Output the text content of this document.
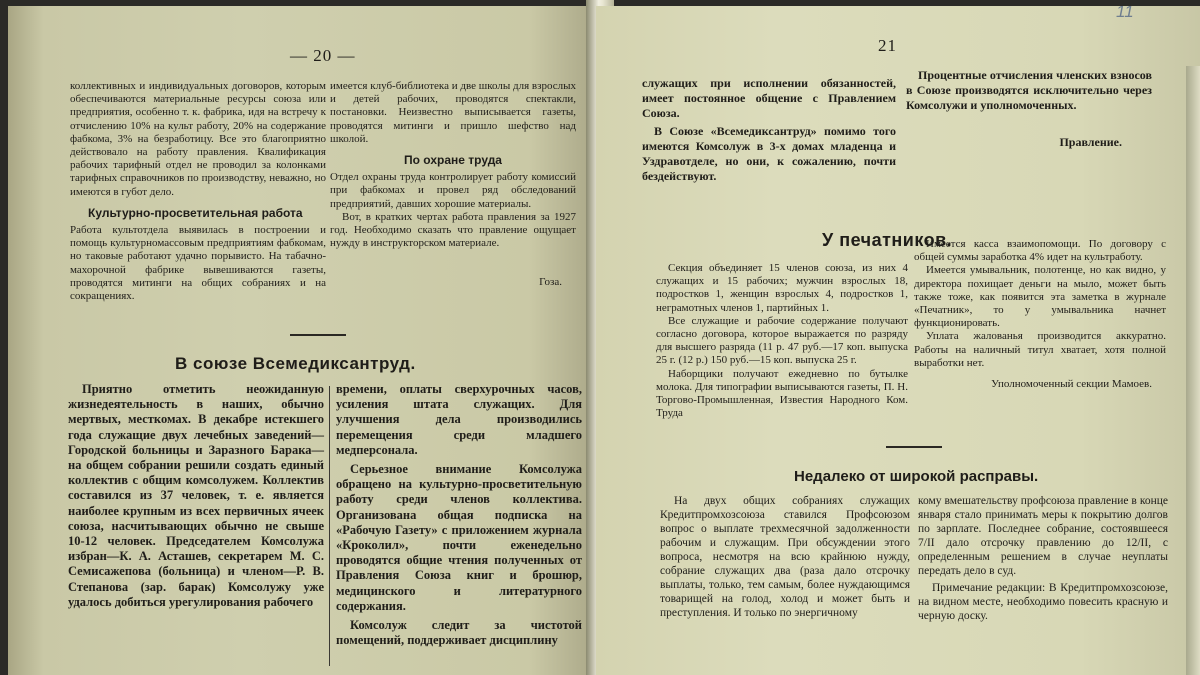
— 20 —

коллективных и индивидуальных договоров, которым обеспечиваются материальные ресурсы союза или предприятия, особенно т. к. фабрика, идя на встречу к отчислению 10% на культ работу, 20% на содержание фабкома, 3% на безработицу. Все это благоприятно действовало на работу правления. Квалификация рабочих тарифный отдел не проводил за колонками тарифных справочников по производству, неважно, но имеются в губот дело.

Культурно-просветительная работа

Работа культотдела выявилась в построении и помощь культурномассовым предприятиям фабкомам, но таковые работают удачно порывисто. На табачно-махорочной фабрике вывешиваются газеты, проводятся митинги на общих собраниях и на сокращениях.

имеется клуб-библиотека и две школы для взрослых и детей рабочих, проводятся спектакли, постановки. Неизвестно выписывается газеты, проводятся митинги и пришло шефство над школой.

По охране труда

Отдел охраны труда контролирует работу комиссий при фабкомах и провел ряд обследований предприятий, давших хорошие материалы.

Вот, в кратких чертах работа правления за 1927 год. Необходимо сказать что правление ощущает нужду в инструкторском материале.

Гоза.
В союзе Всемедиксантруд.

Приятно отметить неожиданную жизнедеятельность в наших, обычно мертвых, месткомах. В декабре истекшего года служащие двух лечебных заведений—Городской больницы и Заразного Барака—на общем собрании решили создать единый коллектив с общим комсолужем. Коллектив составился из 37 человек, т. е. является наиболее крупным из всех первичных ячеек союза, насчитывающих обычно не свыше 10-12 человек. Председателем Комсолужа избран—К. А. Асташев, секретарем М. С. Семисажепова (больница) и членом—Р. В. Степанова (зар. барак) Комсолужу уже удалось добиться урегулирования рабочего

времени, оплаты сверхурочных часов, усиления штата служащих. Для улучшения дела производились перемещения среди младшего медперсонала.

Серьезное внимание Комсолужа обращено на культурно-просветительную работу среди членов коллектива. Организована общая подписка на «Рабочую Газету» с приложением журнала «Кроколил», почти еженедельно проводятся общие чтения полученных от Правления Союза книг и брошюр, медицинского и литературного содержания.

Комсолуж следит за чистотой помещений, поддерживает дисциплину

21
11

служащих при исполнении обязанностей, имеет постоянное общение с Правлением Союза.

В Союзе «Всемедиксантруд» помимо того имеются Комсолуж в 3-х домах младенца и Уздравотделе, но они, к сожалению, почти бездействуют.

Процентные отчисления членских взносов в Союзе производятся исключительно через Комсолужи и уполномоченных.

Правление.
У печатников.

Секция объединяет 15 членов союза, из них 4 служащих и 15 рабочих; мужчин взрослых 18, подростков 1, женщин взрослых 4, подростков 1, неграмотных членов 1, партийных 1.

Все служащие и рабочие содержание получают согласно договора, которое выражается по разряду для высшего разряда (11 р. 47 руб.—17 коп. выпуска 25 г. (12 р.) 150 руб.—15 коп. выпуска 25 г.

Наборщики получают ежедневно по бутылке молока. Для типографии выписываются газеты, П. Н. Торгово-Промышленная, Известия Народного Ком. Труда

Имеется касса взаимопомощи. По договору с общей суммы заработка 4% идет на культработу.

Имеется умывальник, полотенце, но как видно, у директора похищает деньги на мыло, может быть также тоже, как появится эта заметка в журнале «Печатник», то у умывальника начнет функционировать.

Уплата жалованья производится аккуратно. Работы на наличный титул хватает, хотя полной выработки нет.

Уполномоченный секции Мамоев.
Недалеко от широкой расправы.

На двух общих собраниях служащих Кредитпромхозсоюза ставился Профсоюзом вопрос о выплате трехмесячной задолженности рабочим и служащим. При обсуждении этого вопроса, несмотря на всю крайнюю нужду, собрание служащих два (раза дало отсрочку выплаты, только, тем самым, более нуждающимся товарищей на голод, холод и может быть и преступления. И только по энергичному

кому вмешательству профсоюза правление в конце января стало принимать меры к покрытию долгов по зарплате. Последнее собрание, состоявшееся 7/II дало отсрочку правлению до 12/II, с определенным решением в случае неуплаты передать дело в суд.

Примечание редакции: В Кредитпромхозсоюзе, на видном месте, необходимо повесить красную и черную доску.
